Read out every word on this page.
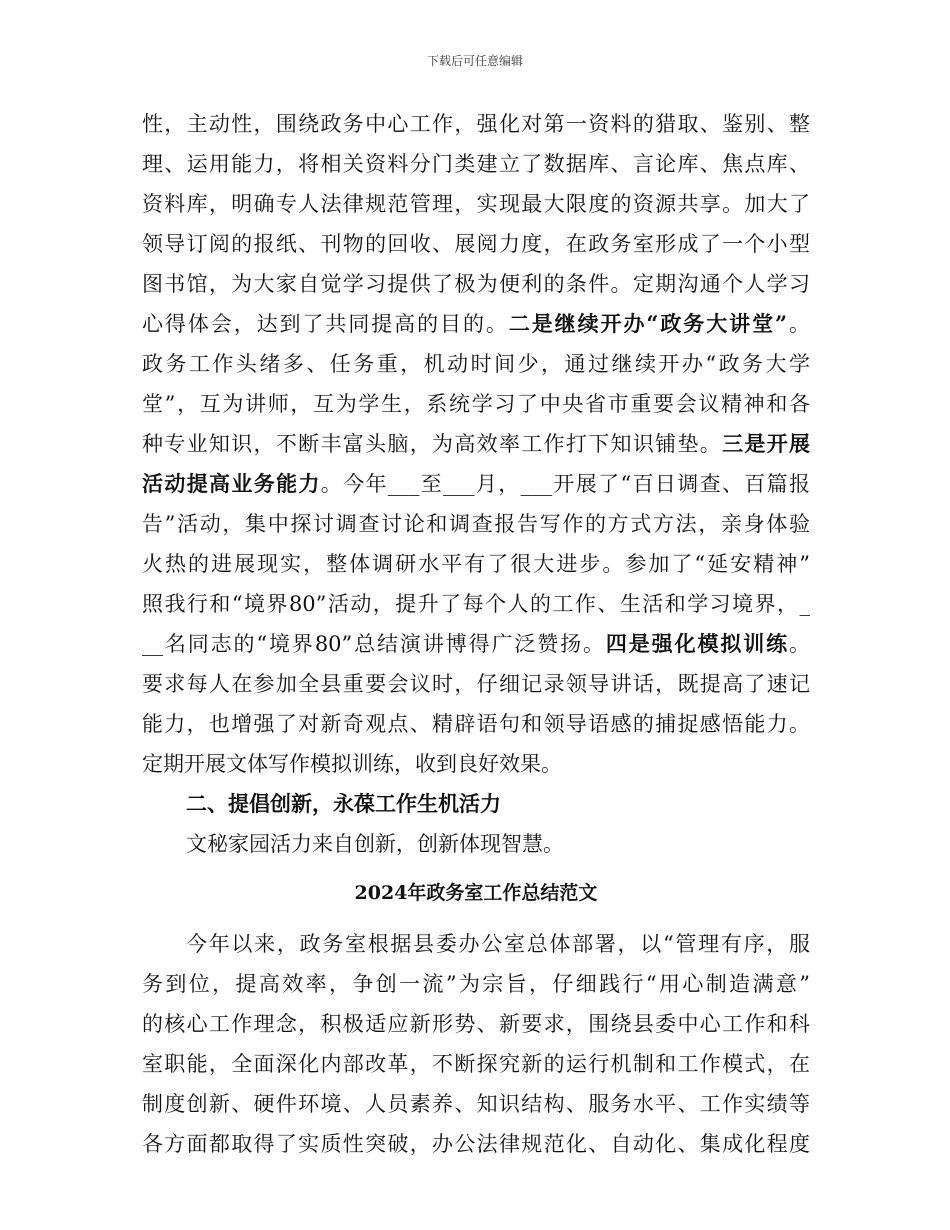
下载后可任意编辑
性，主动性，围绕政务中心工作，强化对第一资料的猎取、鉴别、整
理、运用能力，将相关资料分门类建立了数据库、言论库、焦点库、
资料库，明确专人法律规范管理，实现最大限度的资源共享。加大了
领导订阅的报纸、刊物的回收、展阅力度，在政务室形成了一个小型
图书馆，为大家自觉学习提供了极为便利的条件。定期沟通个人学习
心得体会，达到了共同提高的目的。二是继续开办“政务大讲堂”。
政务工作头绪多、任务重，机动时间少，通过继续开办“政务大学
堂”，互为讲师，互为学生，系统学习了中央省市重要会议精神和各
种专业知识，不断丰富头脑，为高效率工作打下知识铺垫。三是开展
活动提高业务能力。今年___至___月，___开展了“百日调查、百篇报
告”活动，集中探讨调查讨论和调查报告写作的方式方法，亲身体验
火热的进展现实，整体调研水平有了很大进步。参加了“延安精神”
照我行和“境界80”活动，提升了每个人的工作、生活和学习境界，_
__名同志的“境界80”总结演讲博得广泛赞扬。四是强化模拟训练。
要求每人在参加全县重要会议时，仔细记录领导讲话，既提高了速记
能力，也增强了对新奇观点、精辟语句和领导语感的捕捉感悟能力。
定期开展文体写作模拟训练，收到良好效果。
二、提倡创新，永葆工作生机活力
文秘家园活力来自创新，创新体现智慧。
2024年政务室工作总结范文
今年以来，政务室根据县委办公室总体部署，以“管理有序，服
务到位，提高效率，争创一流”为宗旨，仔细践行“用心制造满意”
的核心工作理念，积极适应新形势、新要求，围绕县委中心工作和科
室职能，全面深化内部改革，不断探究新的运行机制和工作模式，在
制度创新、硬件环境、人员素养、知识结构、服务水平、工作实绩等
各方面都取得了实质性突破，办公法律规范化、自动化、集成化程度
